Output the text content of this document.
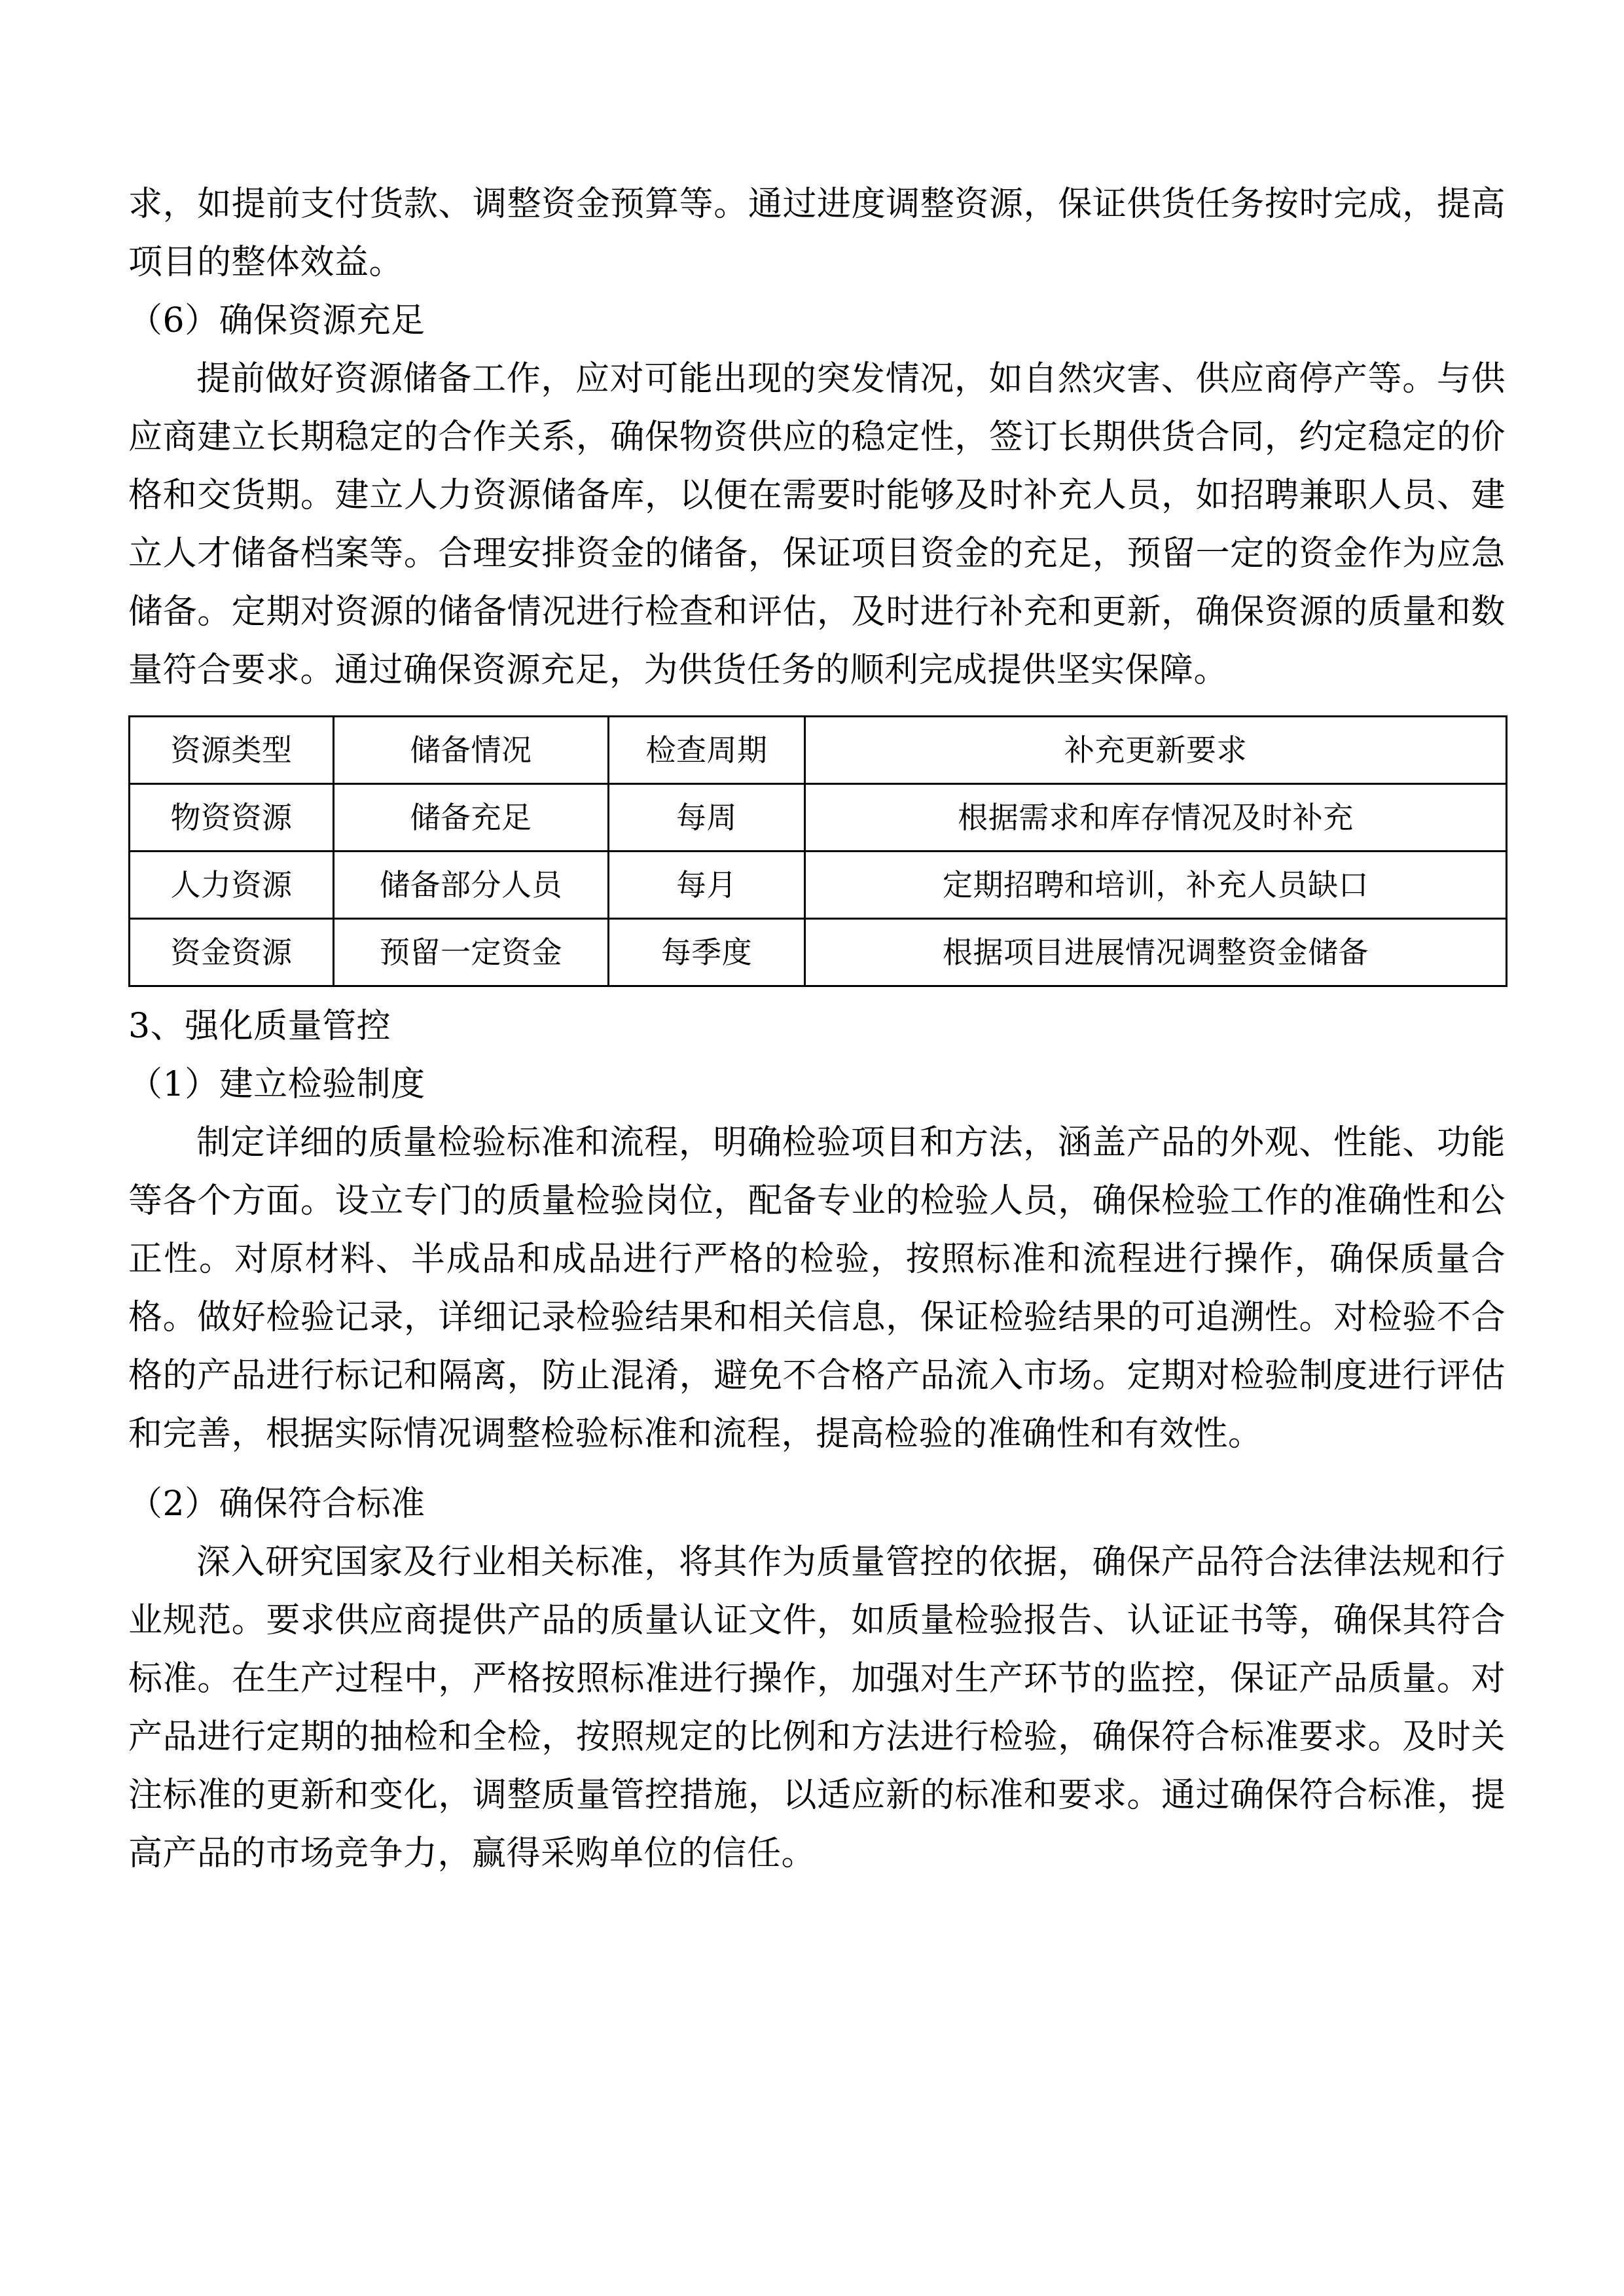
求，如提前支付货款、调整资金预算等。通过进度调整资源，保证供货任务按时完成，提高项目的整体效益。

（6）确保资源充足

提前做好资源储备工作，应对可能出现的突发情况，如自然灾害、供应商停产等。与供应商建立长期稳定的合作关系，确保物资供应的稳定性，签订长期供货合同，约定稳定的价格和交货期。建立人力资源储备库，以便在需要时能够及时补充人员，如招聘兼职人员、建立人才储备档案等。合理安排资金的储备，保证项目资金的充足，预留一定的资金作为应急储备。定期对资源的储备情况进行检查和评估，及时进行补充和更新，确保资源的质量和数量符合要求。通过确保资源充足，为供货任务的顺利完成提供坚实保障。

资源类型	储备情况	检查周期	补充更新要求
物资资源	储备充足	每周	根据需求和库存情况及时补充
人力资源	储备部分人员	每月	定期招聘和培训，补充人员缺口
资金资源	预留一定资金	每季度	根据项目进展情况调整资金储备

3、强化质量管控

（1）建立检验制度

制定详细的质量检验标准和流程，明确检验项目和方法，涵盖产品的外观、性能、功能等各个方面。设立专门的质量检验岗位，配备专业的检验人员，确保检验工作的准确性和公正性。对原材料、半成品和成品进行严格的检验，按照标准和流程进行操作，确保质量合格。做好检验记录，详细记录检验结果和相关信息，保证检验结果的可追溯性。对检验不合格的产品进行标记和隔离，防止混淆，避免不合格产品流入市场。定期对检验制度进行评估和完善，根据实际情况调整检验标准和流程，提高检验的准确性和有效性。

（2）确保符合标准

深入研究国家及行业相关标准，将其作为质量管控的依据，确保产品符合法律法规和行业规范。要求供应商提供产品的质量认证文件，如质量检验报告、认证证书等，确保其符合标准。在生产过程中，严格按照标准进行操作，加强对生产环节的监控，保证产品质量。对产品进行定期的抽检和全检，按照规定的比例和方法进行检验，确保符合标准要求。及时关注标准的更新和变化，调整质量管控措施，以适应新的标准和要求。通过确保符合标准，提高产品的市场竞争力，赢得采购单位的信任。
